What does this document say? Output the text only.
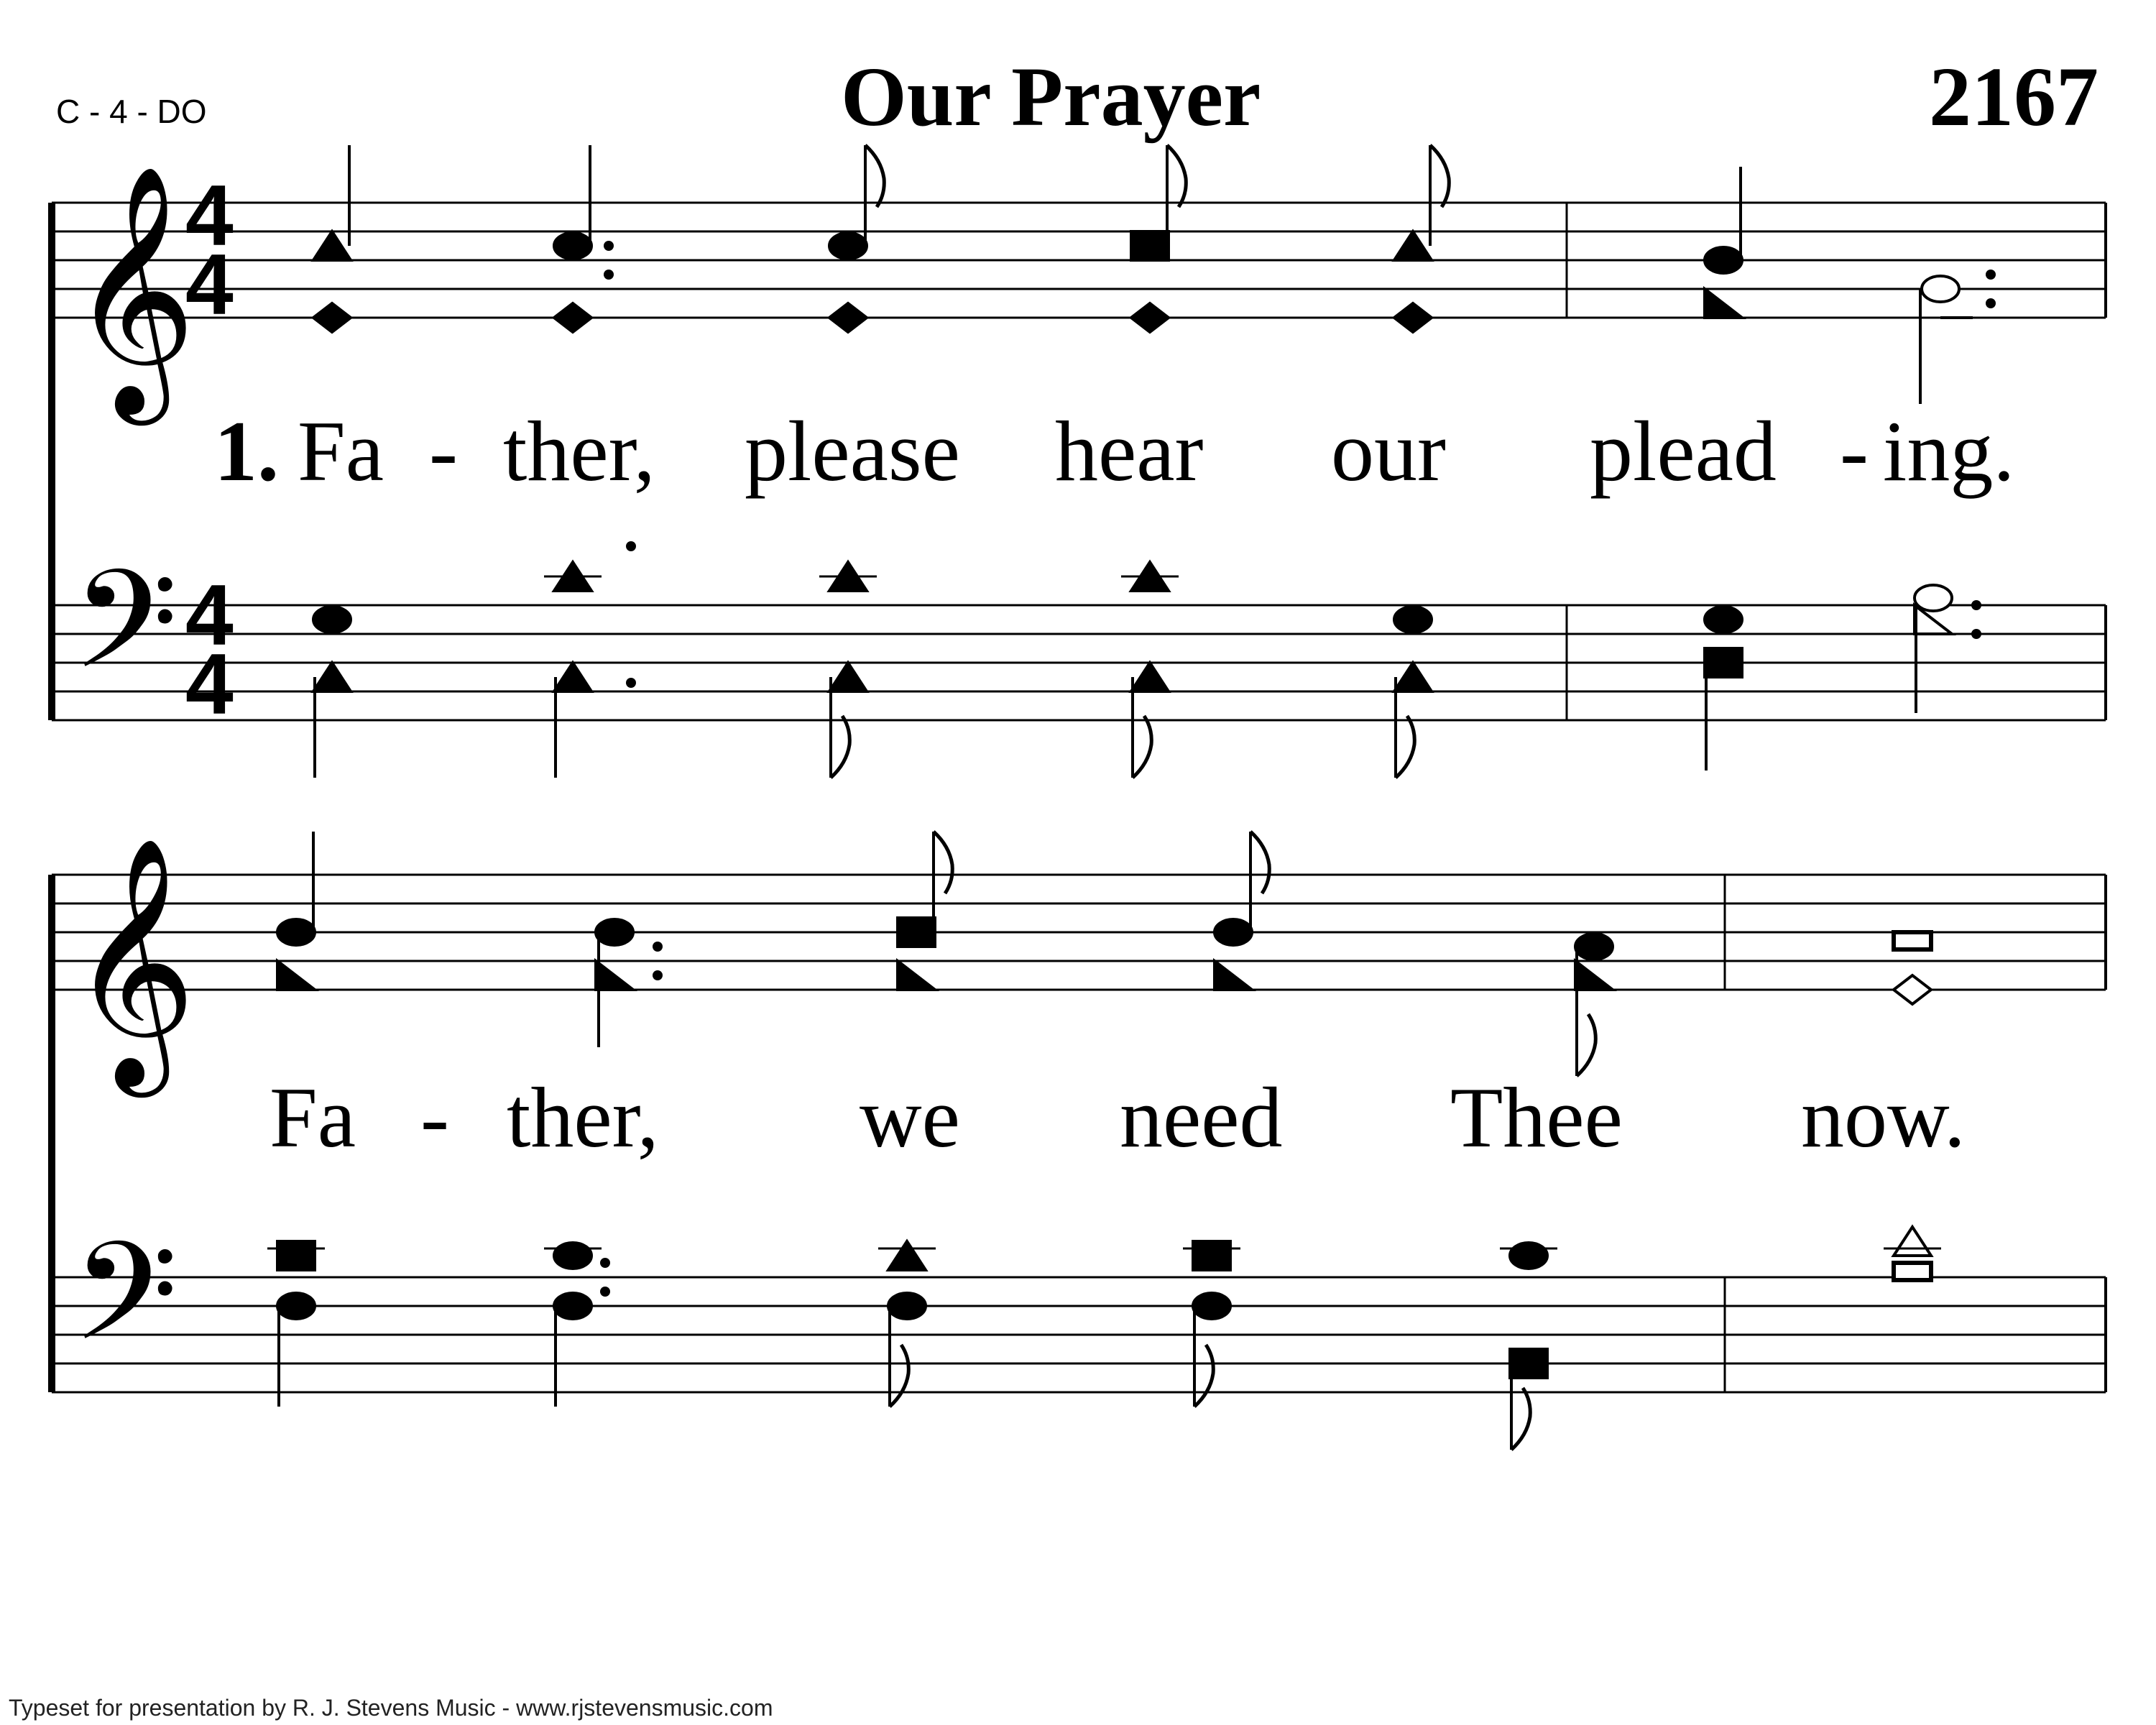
C - 4 - DO	Our Prayer	2167
𝄞
𝄢
𝄞
𝄢
4
4
4
4
1. Fa - ther, please hear our plead - ing.
Fa - ther, we need Thee now.
Typeset for presentation by R. J. Stevens Music - www.rjstevensmusic.com
